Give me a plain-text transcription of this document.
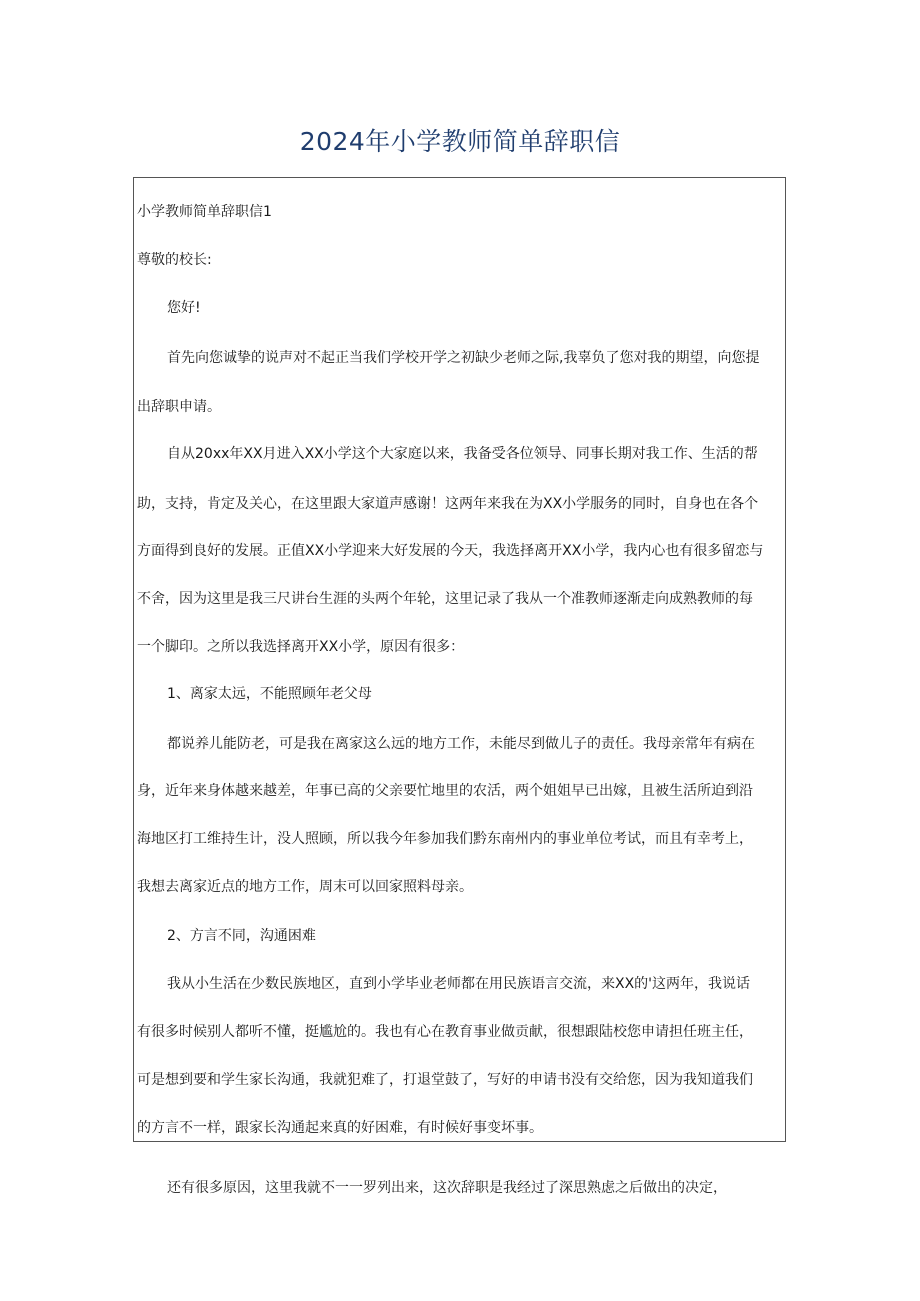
2024年小学教师简单辞职信

小学教师简单辞职信1

尊敬的校长:

您好!

首先向您诚挚的说声对不起正当我们学校开学之初缺少老师之际,我辜负了您对我的期望，向您提

出辞职申请。

自从20xx年XX月进入XX小学这个大家庭以来，我备受各位领导、同事长期对我工作、生活的帮

助，支持，肯定及关心，在这里跟大家道声感谢！这两年来我在为XX小学服务的同时，自身也在各个

方面得到良好的发展。正值XX小学迎来大好发展的今天，我选择离开XX小学，我内心也有很多留恋与

不舍，因为这里是我三尺讲台生涯的头两个年轮，这里记录了我从一个准教师逐渐走向成熟教师的每

一个脚印。之所以我选择离开XX小学，原因有很多：

1、离家太远，不能照顾年老父母

都说养儿能防老，可是我在离家这么远的地方工作，未能尽到做儿子的责任。我母亲常年有病在

身，近年来身体越来越差，年事已高的父亲要忙地里的农活，两个姐姐早已出嫁，且被生活所迫到沿

海地区打工维持生计，没人照顾，所以我今年参加我们黔东南州内的事业单位考试，而且有幸考上，

我想去离家近点的地方工作，周末可以回家照料母亲。

2、方言不同，沟通困难

我从小生活在少数民族地区，直到小学毕业老师都在用民族语言交流，来XX的'这两年，我说话

有很多时候别人都听不懂，挺尴尬的。我也有心在教育事业做贡献，很想跟陆校您申请担任班主任，

可是想到要和学生家长沟通，我就犯难了，打退堂鼓了，写好的申请书没有交给您，因为我知道我们

的方言不一样，跟家长沟通起来真的好困难，有时候好事变坏事。

还有很多原因，这里我就不一一罗列出来，这次辞职是我经过了深思熟虑之后做出的决定，
